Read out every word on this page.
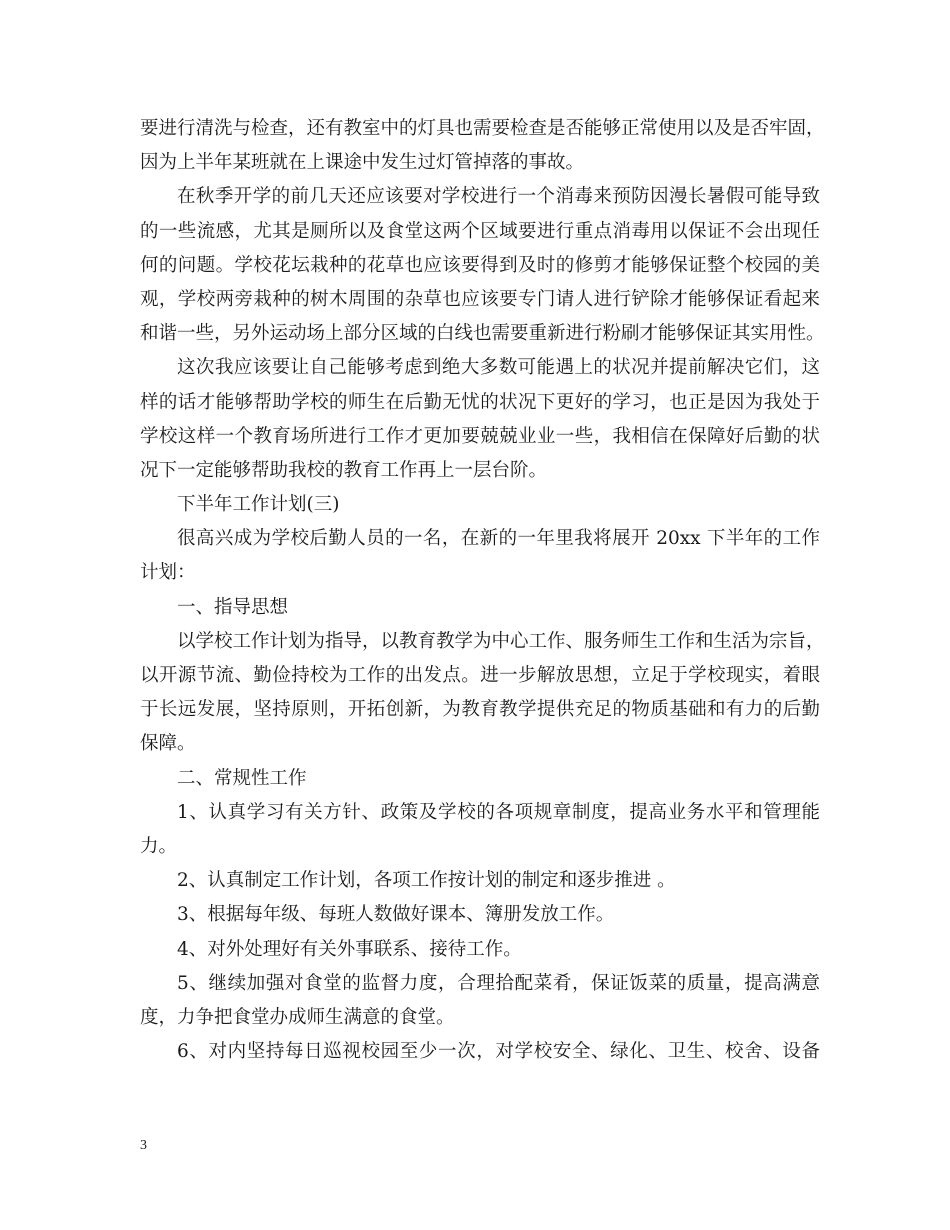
要进行清洗与检查，还有教室中的灯具也需要检查是否能够正常使用以及是否牢固，
因为上半年某班就在上课途中发生过灯管掉落的事故。
在秋季开学的前几天还应该要对学校进行一个消毒来预防因漫长暑假可能导致
的一些流感，尤其是厕所以及食堂这两个区域要进行重点消毒用以保证不会出现任
何的问题。学校花坛栽种的花草也应该要得到及时的修剪才能够保证整个校园的美
观，学校两旁栽种的树木周围的杂草也应该要专门请人进行铲除才能够保证看起来
和谐一些，另外运动场上部分区域的白线也需要重新进行粉刷才能够保证其实用性。
这次我应该要让自己能够考虑到绝大多数可能遇上的状况并提前解决它们，这
样的话才能够帮助学校的师生在后勤无忧的状况下更好的学习，也正是因为我处于
学校这样一个教育场所进行工作才更加要兢兢业业一些，我相信在保障好后勤的状
况下一定能够帮助我校的教育工作再上一层台阶。
下半年工作计划(三)
很高兴成为学校后勤人员的一名，在新的一年里我将展开 20xx 下半年的工作
计划：
一、指导思想
以学校工作计划为指导，以教育教学为中心工作、服务师生工作和生活为宗旨，
以开源节流、勤俭持校为工作的出发点。进一步解放思想，立足于学校现实，着眼
于长远发展，坚持原则，开拓创新，为教育教学提供充足的物质基础和有力的后勤
保障。
二、常规性工作
1、认真学习有关方针、政策及学校的各项规章制度，提高业务水平和管理能
力。
2、认真制定工作计划，各项工作按计划的制定和逐步推进 。
3、根据每年级、每班人数做好课本、簿册发放工作。
4、对外处理好有关外事联系、接待工作。
5、继续加强对食堂的监督力度，合理拾配菜肴，保证饭菜的质量，提高满意
度，力争把食堂办成师生满意的食堂。
6、对内坚持每日巡视校园至少一次，对学校安全、绿化、卫生、校舍、设备
3
